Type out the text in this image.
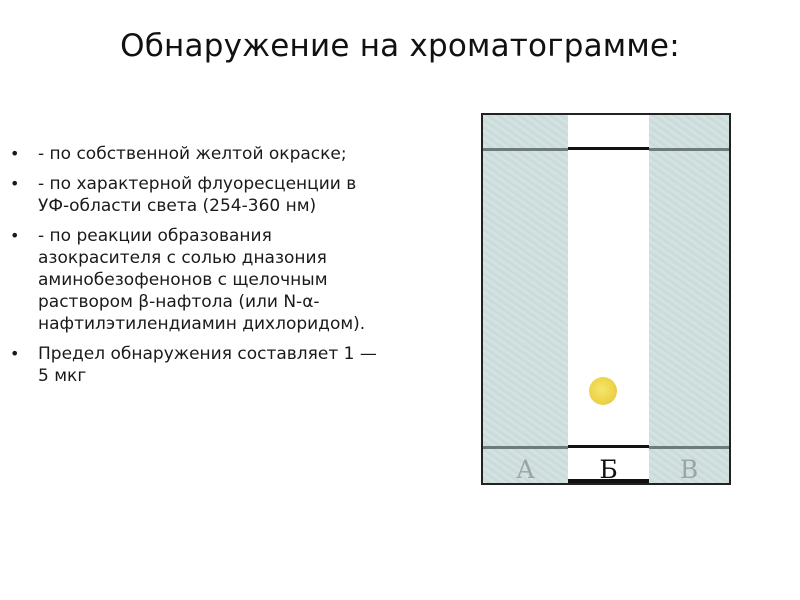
Обнаружение на хроматограмме:
• - по собственной желтой окраске;
• - по характерной флуоресценции в УФ-области света (254-360 нм)
• - по реакции образования азокрасителя с солью дназония аминобезофенонов с щелочным раствором β-нафтола (или N-α-нафтилэтилендиамин дихлоридом).
• Предел обнаружения составляет 1 — 5 мкг
А	Б	В
